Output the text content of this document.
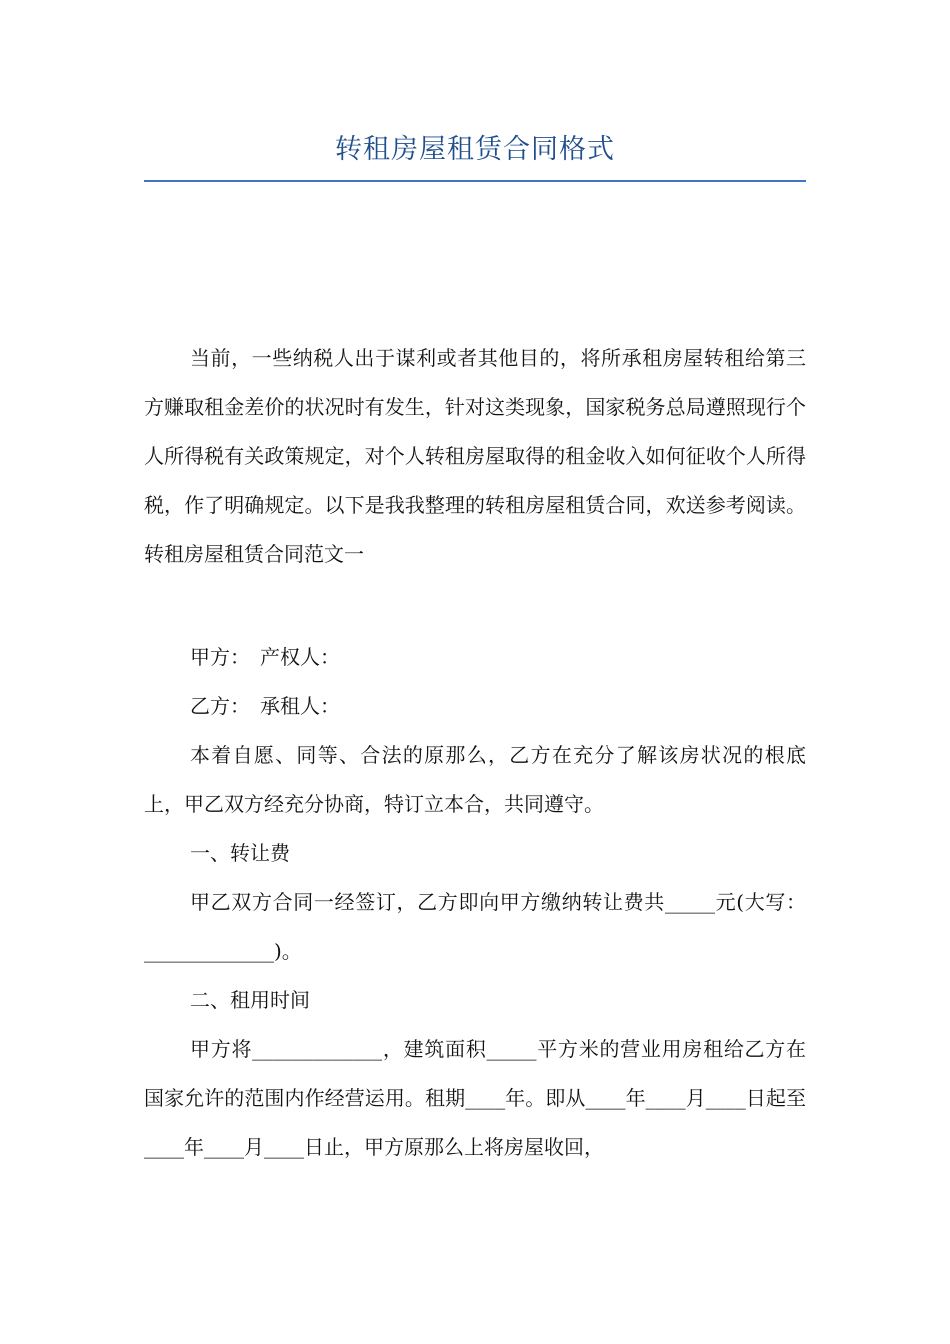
转租房屋租赁合同格式

当前，一些纳税人出于谋利或者其他目的，将所承租房屋转租给第三方赚取租金差价的状况时有发生，针对这类现象，国家税务总局遵照现行个人所得税有关政策规定，对个人转租房屋取得的租金收入如何征收个人所得税，作了明确规定。以下是我我整理的转租房屋租赁合同，欢送参考阅读。转租房屋租赁合同范文一

甲方：　产权人：

乙方：　承租人：

本着自愿、同等、合法的原那么，乙方在充分了解该房状况的根底上，甲乙双方经充分协商，特订立本合，共同遵守。

一、转让费

甲乙双方合同一经签订，乙方即向甲方缴纳转让费共_____元(大写：_____________)。

二、租用时间

甲方将_____________，建筑面积_____平方米的营业用房租给乙方在国家允许的范围内作经营运用。租期____年。即从____年____月____日起至____年____月____日止，甲方原那么上将房屋收回，
